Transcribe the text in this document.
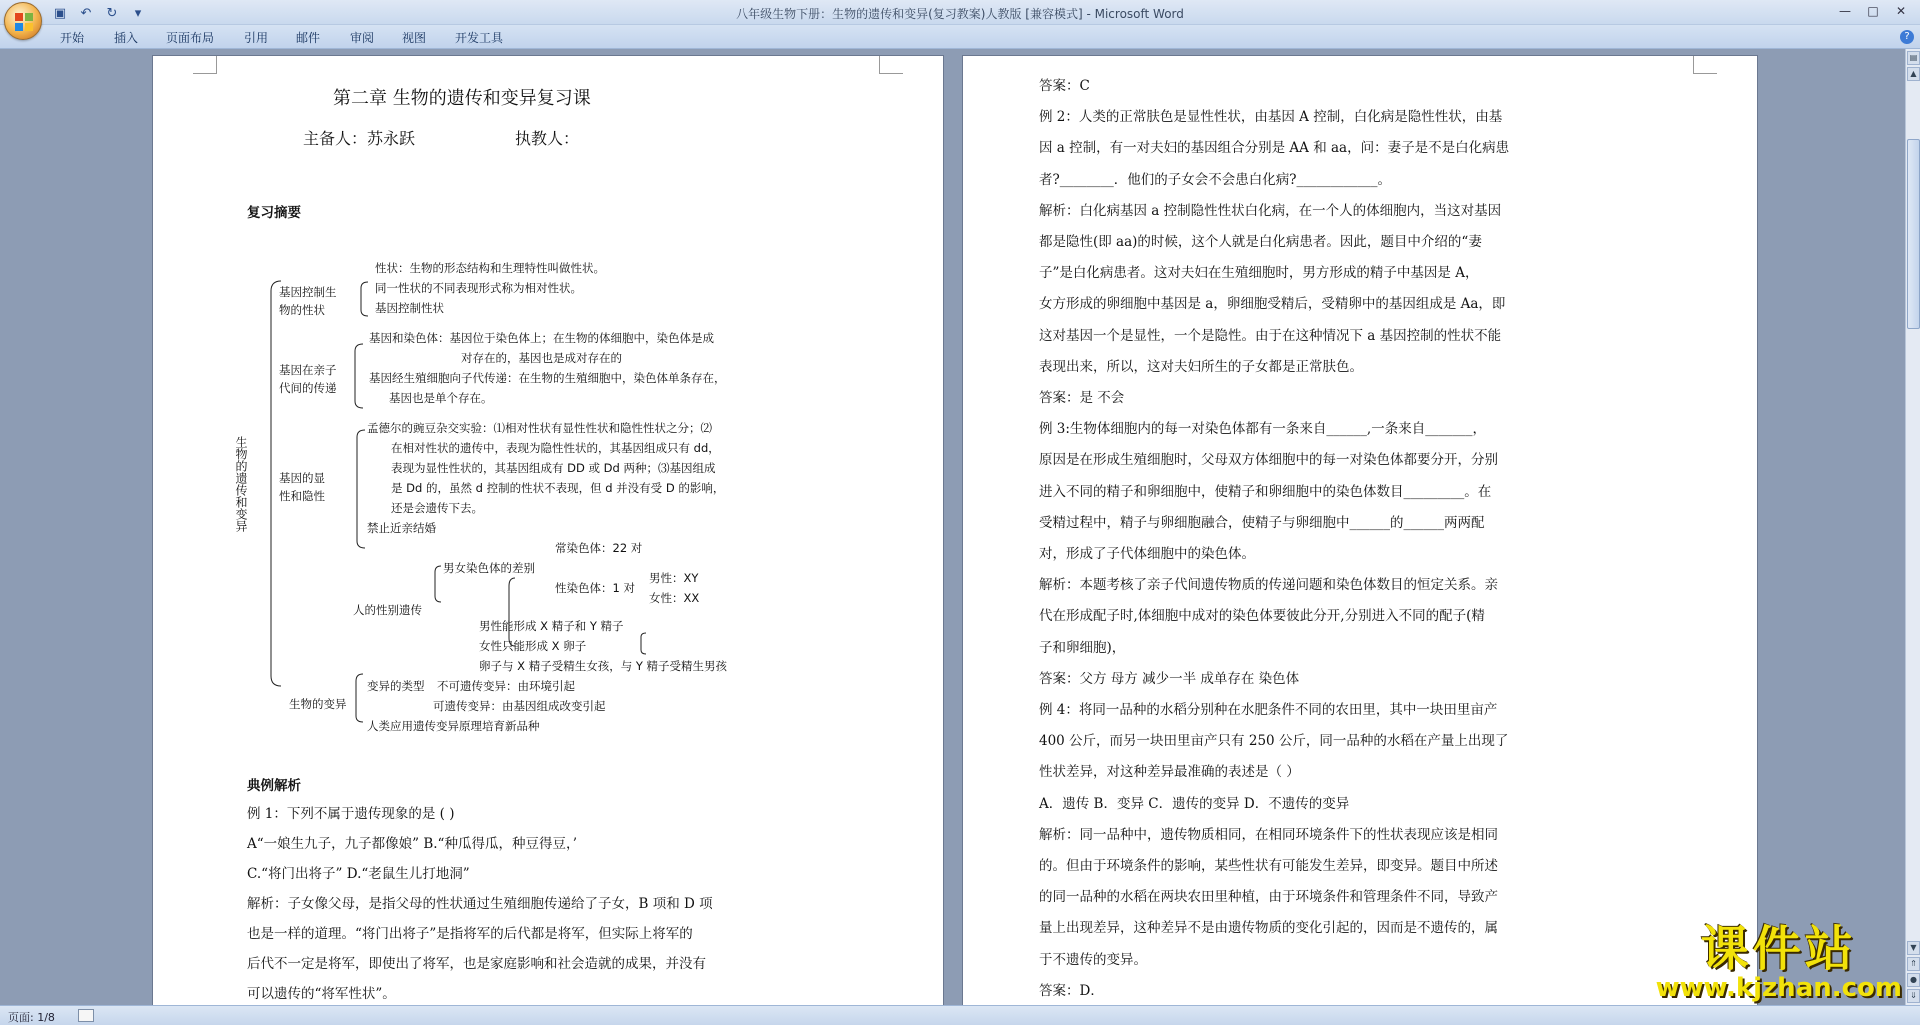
▣	↶	↻	▾	八年级生物下册：生物的遗传和变异(复习教案)人教版 [兼容模式] - Microsoft Word	—	□	✕
开始 插入 页面布局 引用 邮件 审阅 视图 开发工具	?
第二章 生物的遗传和变异复习课
主备人：苏永跃	执教人：
复习摘要
生物的遗传和变异
基因控制生
物的性状
性状：生物的形态结构和生理特性叫做性状。
同一性状的不同表现形式称为相对性状。
基因控制性状
基因在亲子
代间的传递
基因和染色体：基因位于染色体上；在生物的体细胞中，染色体是成
对存在的，基因也是成对存在的
基因经生殖细胞向子代传递：在生物的生殖细胞中，染色体单条存在，
基因也是单个存在。
基因的显
性和隐性
孟德尔的豌豆杂交实验：⑴相对性状有显性性状和隐性性状之分；⑵
在相对性状的遗传中，表现为隐性性状的，其基因组成只有 dd，
表现为显性性状的，其基因组成有 DD 或 Dd 两种；⑶基因组成
是 Dd 的，虽然 d 控制的性状不表现，但 d 并没有受 D 的影响，
还是会遗传下去。
禁止近亲结婚
常染色体：22 对
男女染色体的差别
性染色体：1 对
男性：XY
女性：XX
人的性别遗传
男性能形成 X 精子和 Y 精子
女性只能形成 X 卵子
卵子与 X 精子受精生女孩，与 Y 精子受精生男孩
生物的变异
变异的类型 不可遗传变异：由环境引起
可遗传变异：由基因组成改变引起
人类应用遗传变异原理培育新品种
典例解析
例 1：下列不属于遗传现象的是 ( )
A“一娘生九子，九子都像娘” B.“种瓜得瓜，种豆得豆，’
C.“将门出将子” D.“老鼠生儿打地洞”
解析：子女像父母，是指父母的性状通过生殖细胞传递给了子女，B 项和 D 项
也是一样的道理。“将门出将子”是指将军的后代都是将军，但实际上将军的
后代不一定是将军，即使出了将军，也是家庭影响和社会造就的成果，并没有
可以遗传的“将军性状”。
答案：C
例 2：人类的正常肤色是显性性状，由基因 A 控制，白化病是隐性性状，由基
因 a 控制，有一对夫妇的基因组合分别是 AA 和 aa，问：妻子是不是白化病患
者?________．他们的子女会不会患白化病?____________。
解析：白化病基因 a 控制隐性性状白化病，在一个人的体细胞内，当这对基因
都是隐性(即 aa)的时候，这个人就是白化病患者。因此，题目中介绍的“妻
子”是白化病患者。这对夫妇在生殖细胞时，男方形成的精子中基因是 A，
女方形成的卵细胞中基因是 a，卵细胞受精后，受精卵中的基因组成是 Aa，即
这对基因一个是显性，一个是隐性。由于在这种情况下 a 基因控制的性状不能
表现出来，所以，这对夫妇所生的子女都是正常肤色。
答案：是 不会
例 3:生物体细胞内的每一对染色体都有一条来自______,一条来自_______，
原因是在形成生殖细胞时，父母双方体细胞中的每一对染色体都要分开，分别
进入不同的精子和卵细胞中，使精子和卵细胞中的染色体数目_________。在
受精过程中，精子与卵细胞融合，使精子与卵细胞中______的______两两配
对，形成了子代体细胞中的染色体。
解析：本题考核了亲子代间遗传物质的传递问题和染色体数目的恒定关系。亲
代在形成配子时,体细胞中成对的染色体要彼此分开,分别进入不同的配子(精
子和卵细胞)，
答案：父方 母方 减少一半 成单存在 染色体
例 4：将同一品种的水稻分别种在水肥条件不同的农田里，其中一块田里亩产
400 公斤，而另一块田里亩产只有 250 公斤，同一品种的水稻在产量上出现了
性状差异，对这种差异最准确的表述是（ ）
A．遗传 B．变异 C．遗传的变异 D．不遗传的变异
解析：同一品种中，遗传物质相同，在相同环境条件下的性状表现应该是相同
的。但由于环境条件的影响，某些性状有可能发生差异，即变异。题目中所述
的同一品种的水稻在两块农田里种植，由于环境条件和管理条件不同，导致产
量上出现差异，这种差异不是由遗传物质的变化引起的，因而是不遗传的，属
于不遗传的变异。
答案：D．
▤
▲
▼
⇑
●
⇓
页面: 1/8
课件站
www.kjzhan.com
